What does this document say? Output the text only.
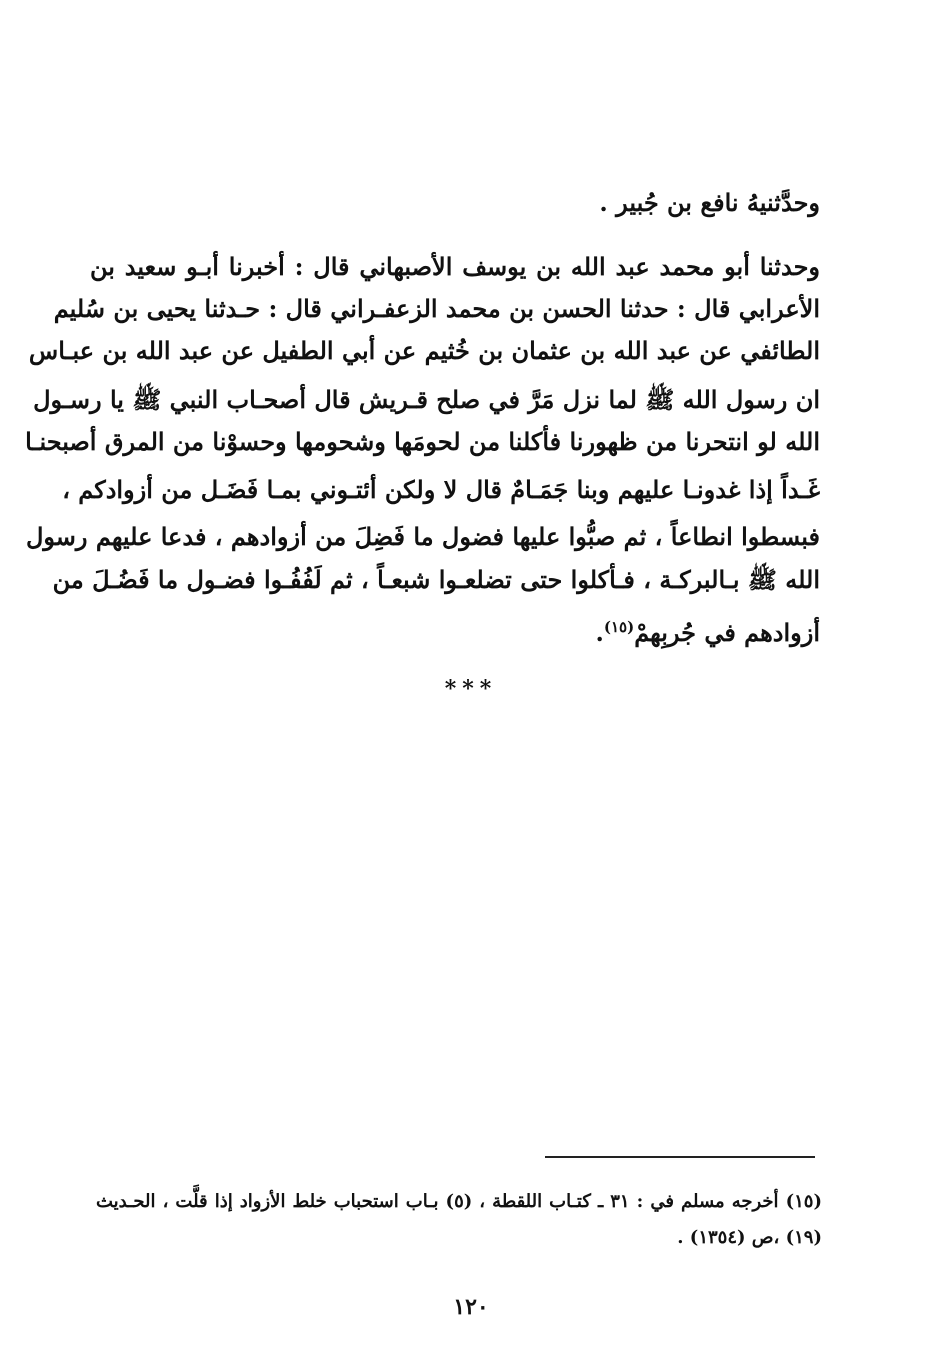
وحدَّثنيهُ نافع بن جُبير .
وحدثنا أبو محمد عبد الله بن يوسف الأصبهاني قال : أخبرنا أبـو سعيد بن
الأعرابي قال : حدثنا الحسن بن محمد الزعفـراني قال : حـدثنا يحيى بن سُليم
الطائفي عن عبد الله بن عثمان بن خُثيم عن أبي الطفيل عن عبد الله بن عبـاس
ان رسول الله ﷺ لما نزل مَرَّ في صلح قـريش قال أصحـاب النبي ﷺ يا رسـول
الله لو انتحرنا من ظهورنا فأكلنا من لحومَها وشحومها وحسوْنا من المرق أصبحنـا
غَـداً إذا غدونـا عليهم وبنا جَمَـامٌ قال لا ولكن أئتـوني بمـا فَضَـل من أزوادكم ،
فبسطوا انطاعاً ، ثم صبُّوا عليها فضول ما فَضِلَ من أزوادهم ، فدعا عليهم رسول
الله ﷺ بـالبركـة ، فـأكلوا حتى تضلعـوا شبعـاً ، ثم لَفُفُـوا فضـول ما فَضُـلَ من
أزوادهم في جُربِهمْ$^{(١٥)}$.
***
(١٥) أخرجه مسلم في : ٣١ ـ كتـاب اللقطة ، (٥) بـاب استحباب خلط الأزواد إذا قلَّت ، الحـديث
(١٩) ،ص (١٣٥٤) .
١٢٠
